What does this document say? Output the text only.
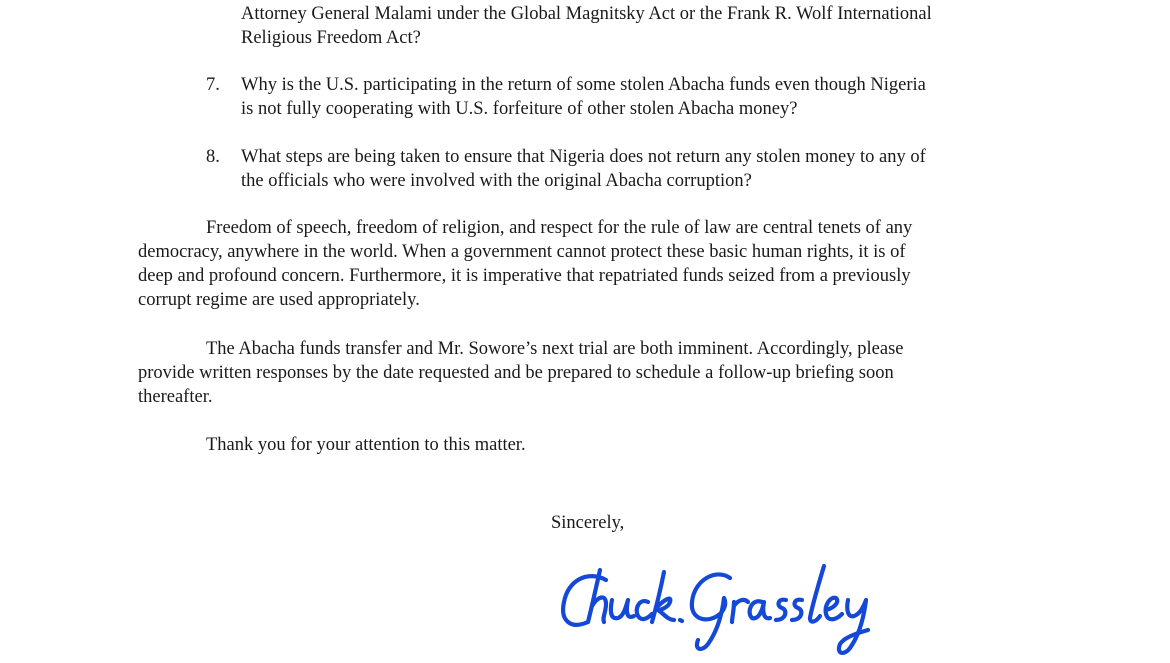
Attorney General Malami under the Global Magnitsky Act or the Frank R. Wolf International
Religious Freedom Act?
7. Why is the U.S. participating in the return of some stolen Abacha funds even though Nigeria
is not fully cooperating with U.S. forfeiture of other stolen Abacha money?
8. What steps are being taken to ensure that Nigeria does not return any stolen money to any of
the officials who were involved with the original Abacha corruption?
Freedom of speech, freedom of religion, and respect for the rule of law are central tenets of any
democracy, anywhere in the world. When a government cannot protect these basic human rights, it is of
deep and profound concern. Furthermore, it is imperative that repatriated funds seized from a previously
corrupt regime are used appropriately.
The Abacha funds transfer and Mr. Sowore’s next trial are both imminent. Accordingly, please
provide written responses by the date requested and be prepared to schedule a follow-up briefing soon
thereafter.
Thank you for your attention to this matter.
Sincerely,
